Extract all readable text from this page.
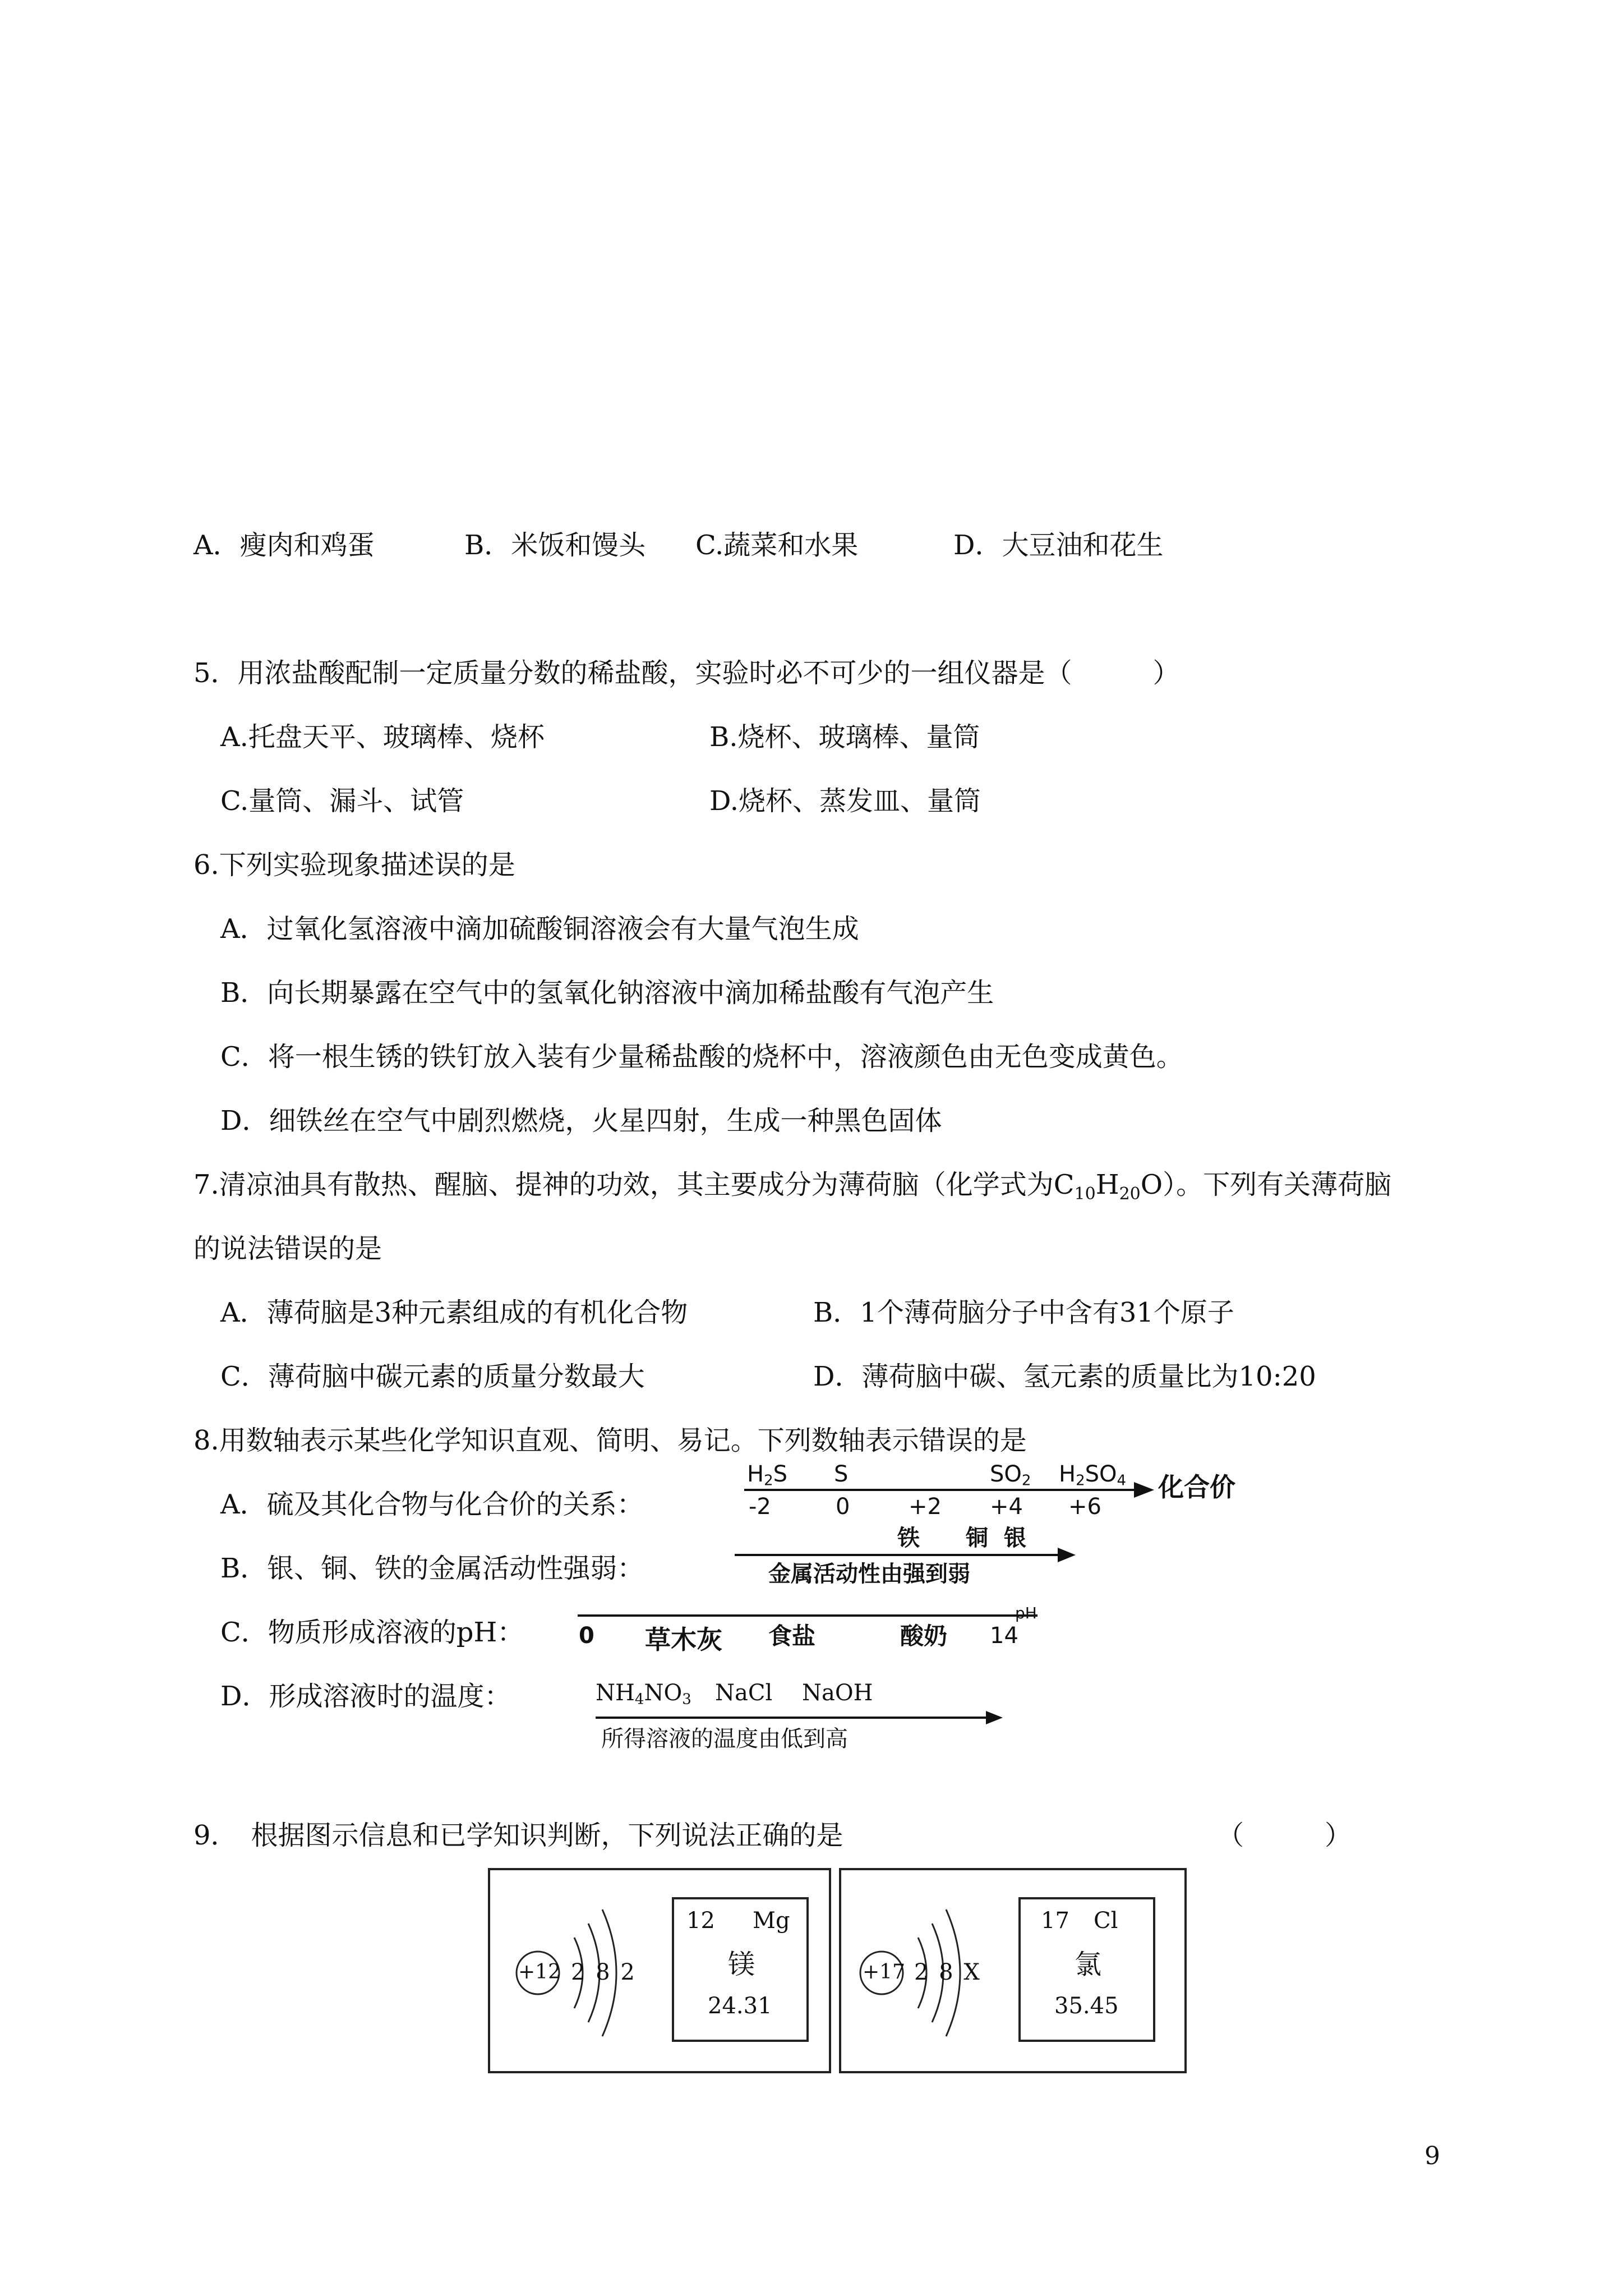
A．瘦肉和鸡蛋	B．米饭和馒头 C.蔬菜和水果	D．大豆油和花生
5．用浓盐酸配制一定质量分数的稀盐酸，实验时必不可少的一组仪器是（　　　）
A.托盘天平、玻璃棒、烧杯	B.烧杯、玻璃棒、量筒
C.量筒、漏斗、试管	D.烧杯、蒸发皿、量筒
6.下列实验现象描述误的是
A．过氧化氢溶液中滴加硫酸铜溶液会有大量气泡生成
B．向长期暴露在空气中的氢氧化钠溶液中滴加稀盐酸有气泡产生
C．将一根生锈的铁钉放入装有少量稀盐酸的烧杯中，溶液颜色由无色变成黄色。
D．细铁丝在空气中剧烈燃烧，火星四射，生成一种黑色固体
7.清凉油具有散热、醒脑、提神的功效，其主要成分为薄荷脑（化学式为$C_{10}H_{20}O$）。下列有关薄荷脑
的说法错误的是
A．薄荷脑是3种元素组成的有机化合物	B．1个薄荷脑分子中含有31个原子
C．薄荷脑中碳元素的质量分数最大	D．薄荷脑中碳、氢元素的质量比为10:20
8.用数轴表示某些化学知识直观、简明、易记。下列数轴表示错误的是
A．硫及其化合物与化合价的关系：
B．银、铜、铁的金属活动性强弱：
C．物质形成溶液的pH：
D．形成溶液时的温度：
H2S S	SO2 H2SO4
-2	0	+2 +4 +6
化合价
铁 铜 银
金属活动性由强到弱
0 草木灰 食盐	酸奶 14
pH
NH4NO3 NaCl NaOH
所得溶液的温度由低到高
9．　根据图示信息和已学知识判断，下列说法正确的是	（　　　）
+12 2 8 2
12 Mg
镁
24.31
+17 2 8 X
17 Cl
氯
35.45
9
